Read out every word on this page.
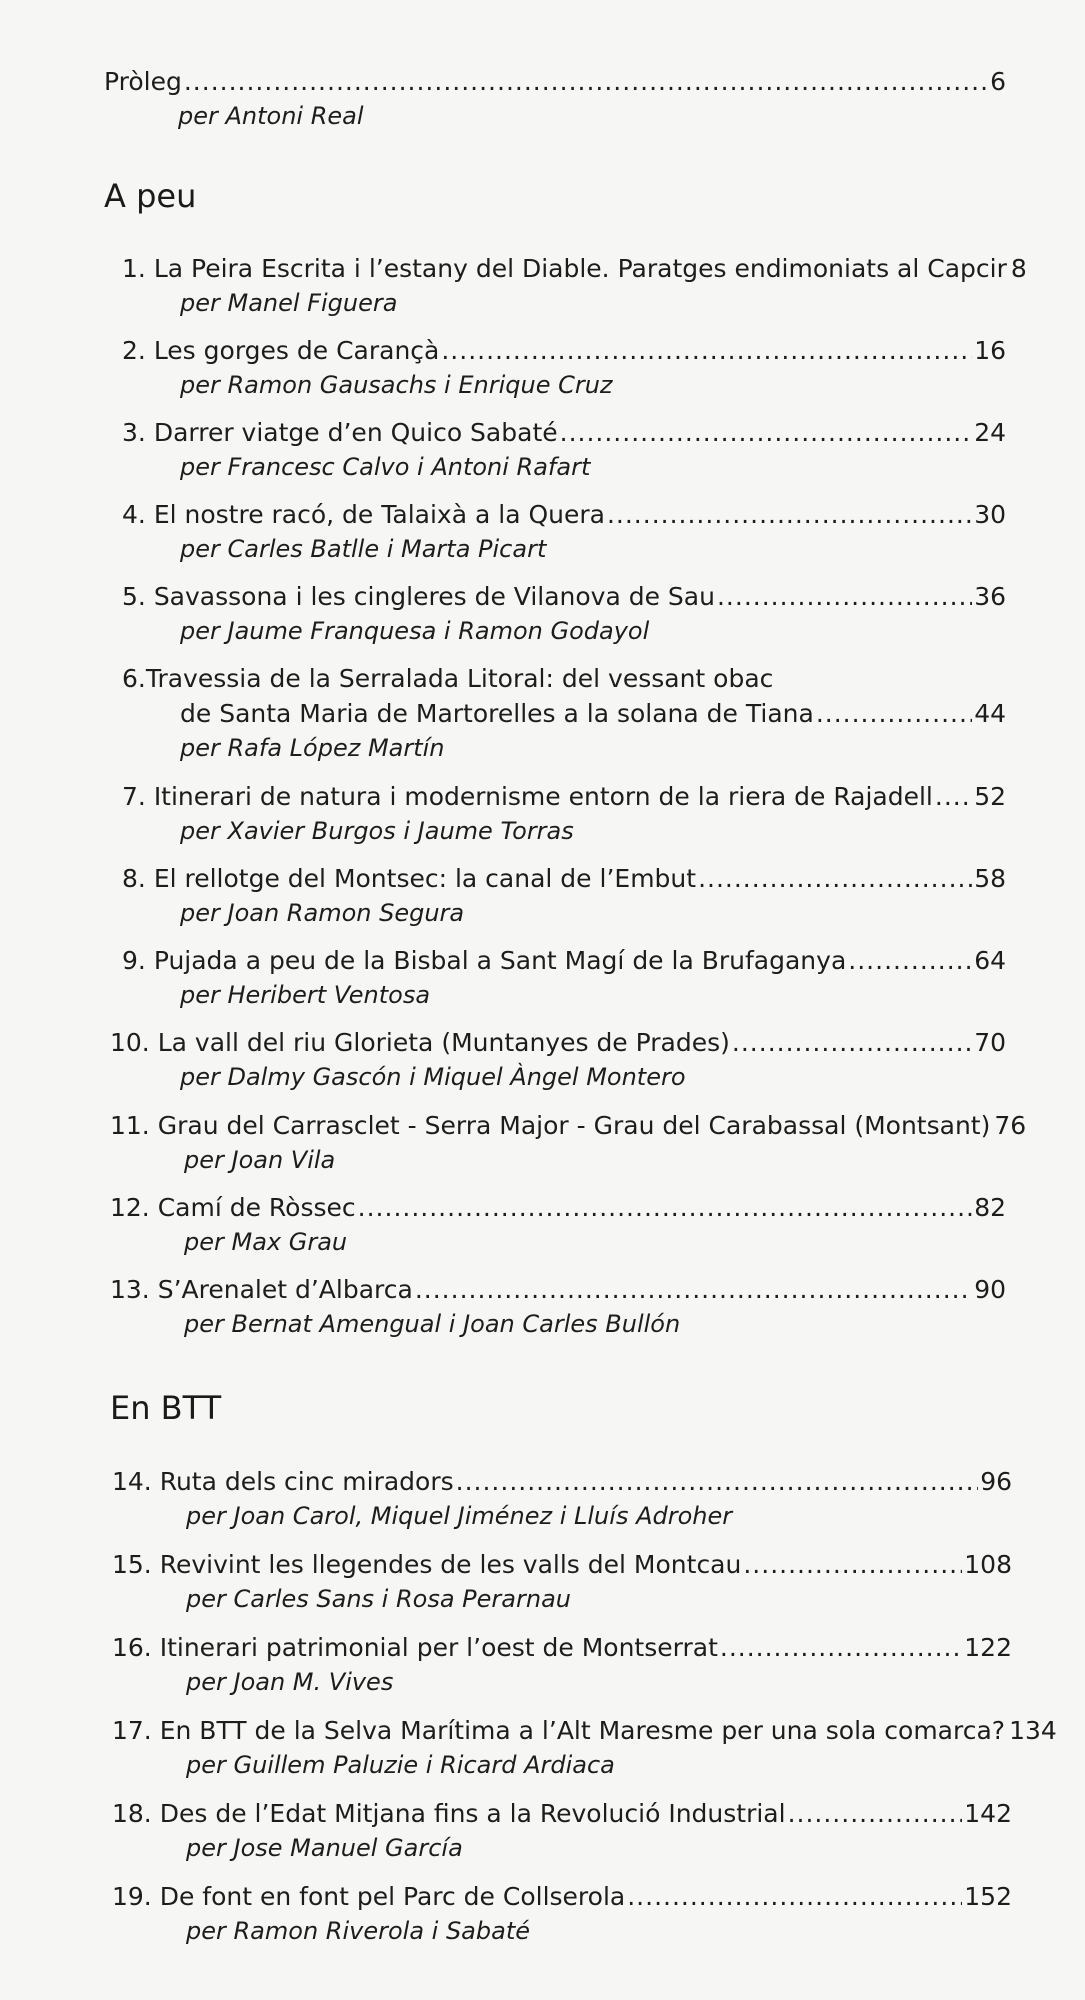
Pròleg .....	6
per Antoni Real
A peu
1. La Peira Escrita i l’estany del Diable. Paratges endimoniats al Capcir 8
per Manel Figuera
2. Les gorges de Carançà .....	16
per Ramon Gausachs i Enrique Cruz
3. Darrer viatge d’en Quico Sabaté .....	24
per Francesc Calvo i Antoni Rafart
4. El nostre racó, de Talaixà a la Quera .....	30
per Carles Batlle i Marta Picart
5. Savassona i les cingleres de Vilanova de Sau .....	36
per Jaume Franquesa i Ramon Godayol
6.Travessia de la Serralada Litoral: del vessant obac
de Santa Maria de Martorelles a la solana de Tiana .....	44
per Rafa López Martín
7. Itinerari de natura i modernisme entorn de la riera de Rajadell ..... 52
per Xavier Burgos i Jaume Torras
8. El rellotge del Montsec: la canal de l’Embut .....	58
per Joan Ramon Segura
9. Pujada a peu de la Bisbal a Sant Magí de la Brufaganya .....	64
per Heribert Ventosa
10. La vall del riu Glorieta (Muntanyes de Prades) .....	70
per Dalmy Gascón i Miquel Àngel Montero
11. Grau del Carrasclet - Serra Major - Grau del Carabassal (Montsant) 76
per Joan Vila
12. Camí de Ròssec .....	82
per Max Grau
13. S’Arenalet d’Albarca .....	90
per Bernat Amengual i Joan Carles Bullón
En BTT
14. Ruta dels cinc miradors .....	96
per Joan Carol, Miquel Jiménez i Lluís Adroher
15. Revivint les llegendes de les valls del Montcau .....	108
per Carles Sans i Rosa Perarnau
16. Itinerari patrimonial per l’oest de Montserrat .....	122
per Joan M. Vives
17. En BTT de la Selva Marítima a l’Alt Maresme per una sola comarca? 134
per Guillem Paluzie i Ricard Ardiaca
18. Des de l’Edat Mitjana fins a la Revolució Industrial .....	142
per Jose Manuel García
19. De font en font pel Parc de Collserola .....	152
per Ramon Riverola i Sabaté
